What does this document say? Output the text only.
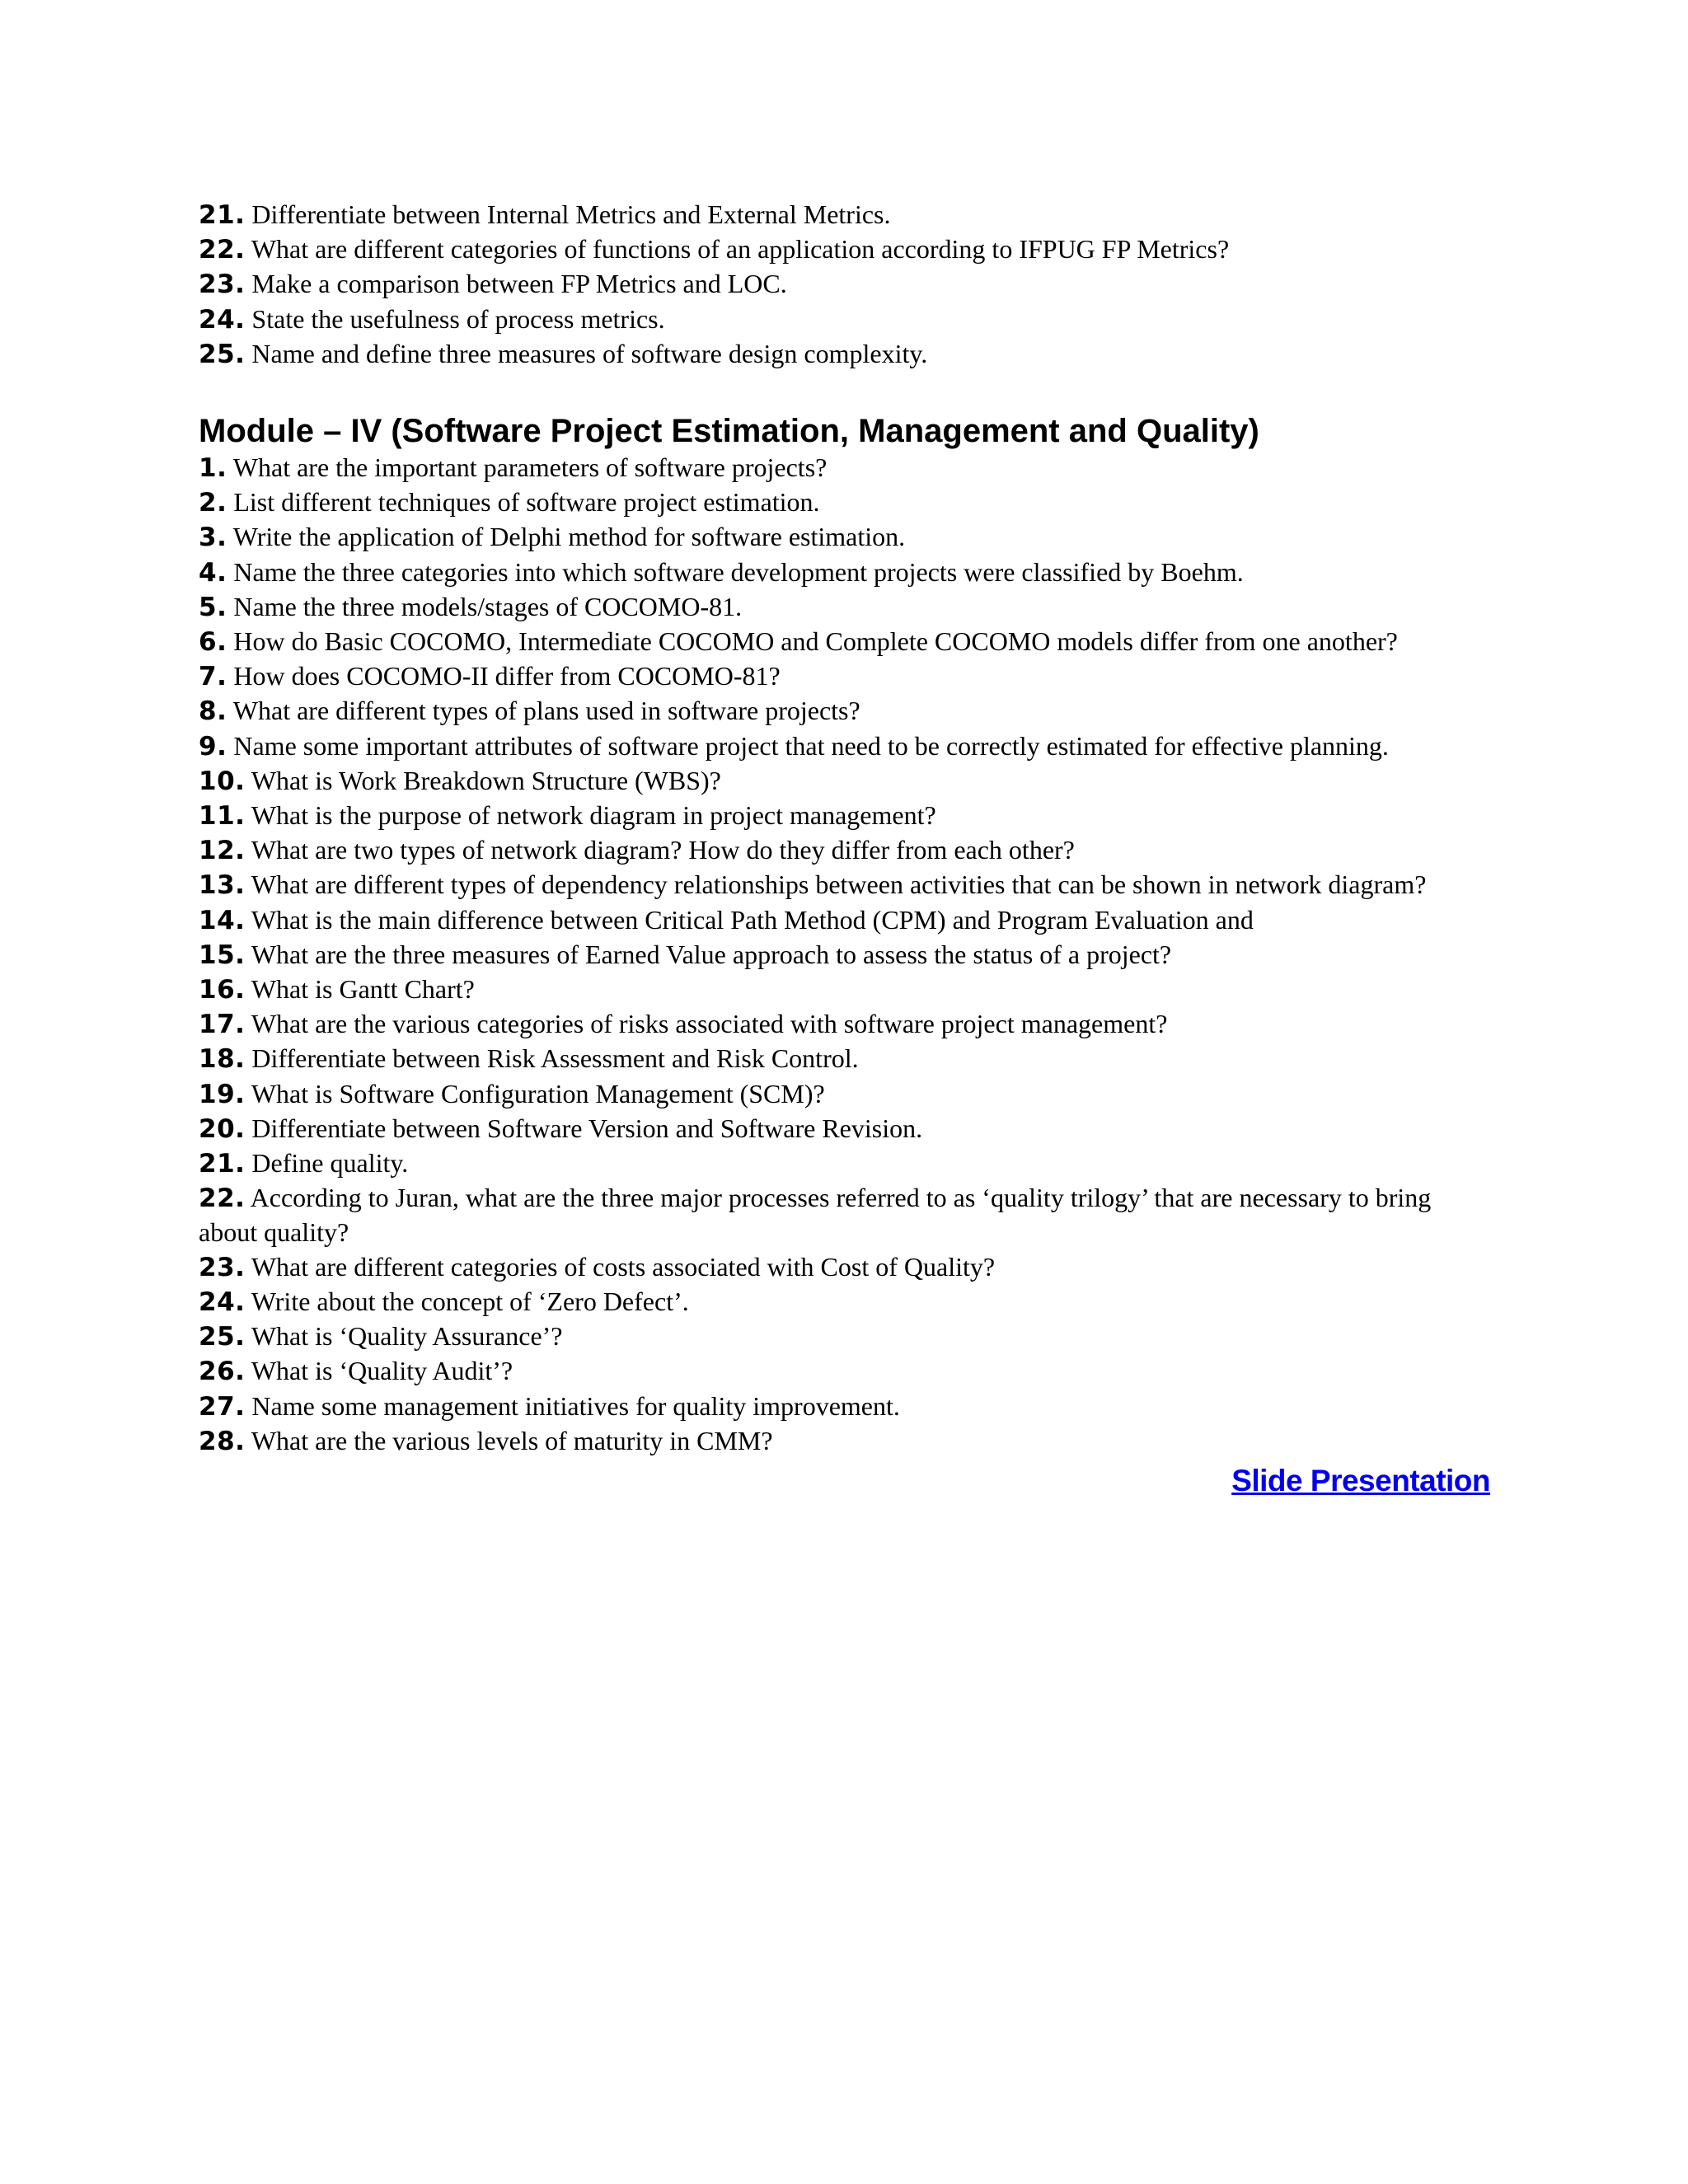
21. Differentiate between Internal Metrics and External Metrics.
22. What are different categories of functions of an application according to IFPUG FP Metrics?
23. Make a comparison between FP Metrics and LOC.
24. State the usefulness of process metrics.
25. Name and define three measures of software design complexity.
Module – IV (Software Project Estimation, Management and Quality)
1. What are the important parameters of software projects?
2. List different techniques of software project estimation.
3. Write the application of Delphi method for software estimation.
4. Name the three categories into which software development projects were classified by Boehm.
5. Name the three models/stages of COCOMO-81.
6. How do Basic COCOMO, Intermediate COCOMO and Complete COCOMO models differ from one another?
7. How does COCOMO-II differ from COCOMO-81?
8. What are different types of plans used in software projects?
9. Name some important attributes of software project that need to be correctly estimated for effective planning.
10. What is Work Breakdown Structure (WBS)?
11. What is the purpose of network diagram in project management?
12. What are two types of network diagram? How do they differ from each other?
13. What are different types of dependency relationships between activities that can be shown in network diagram?
14. What is the main difference between Critical Path Method (CPM) and Program Evaluation and
15. What are the three measures of Earned Value approach to assess the status of a project?
16. What is Gantt Chart?
17. What are the various categories of risks associated with software project management?
18. Differentiate between Risk Assessment and Risk Control.
19. What is Software Configuration Management (SCM)?
20. Differentiate between Software Version and Software Revision.
21. Define quality.
22. According to Juran, what are the three major processes referred to as ‘quality trilogy’ that are necessary to bring about quality?
23. What are different categories of costs associated with Cost of Quality?
24. Write about the concept of ‘Zero Defect’.
25. What is ‘Quality Assurance’?
26. What is ‘Quality Audit’?
27. Name some management initiatives for quality improvement.
28. What are the various levels of maturity in CMM?
Slide Presentation
